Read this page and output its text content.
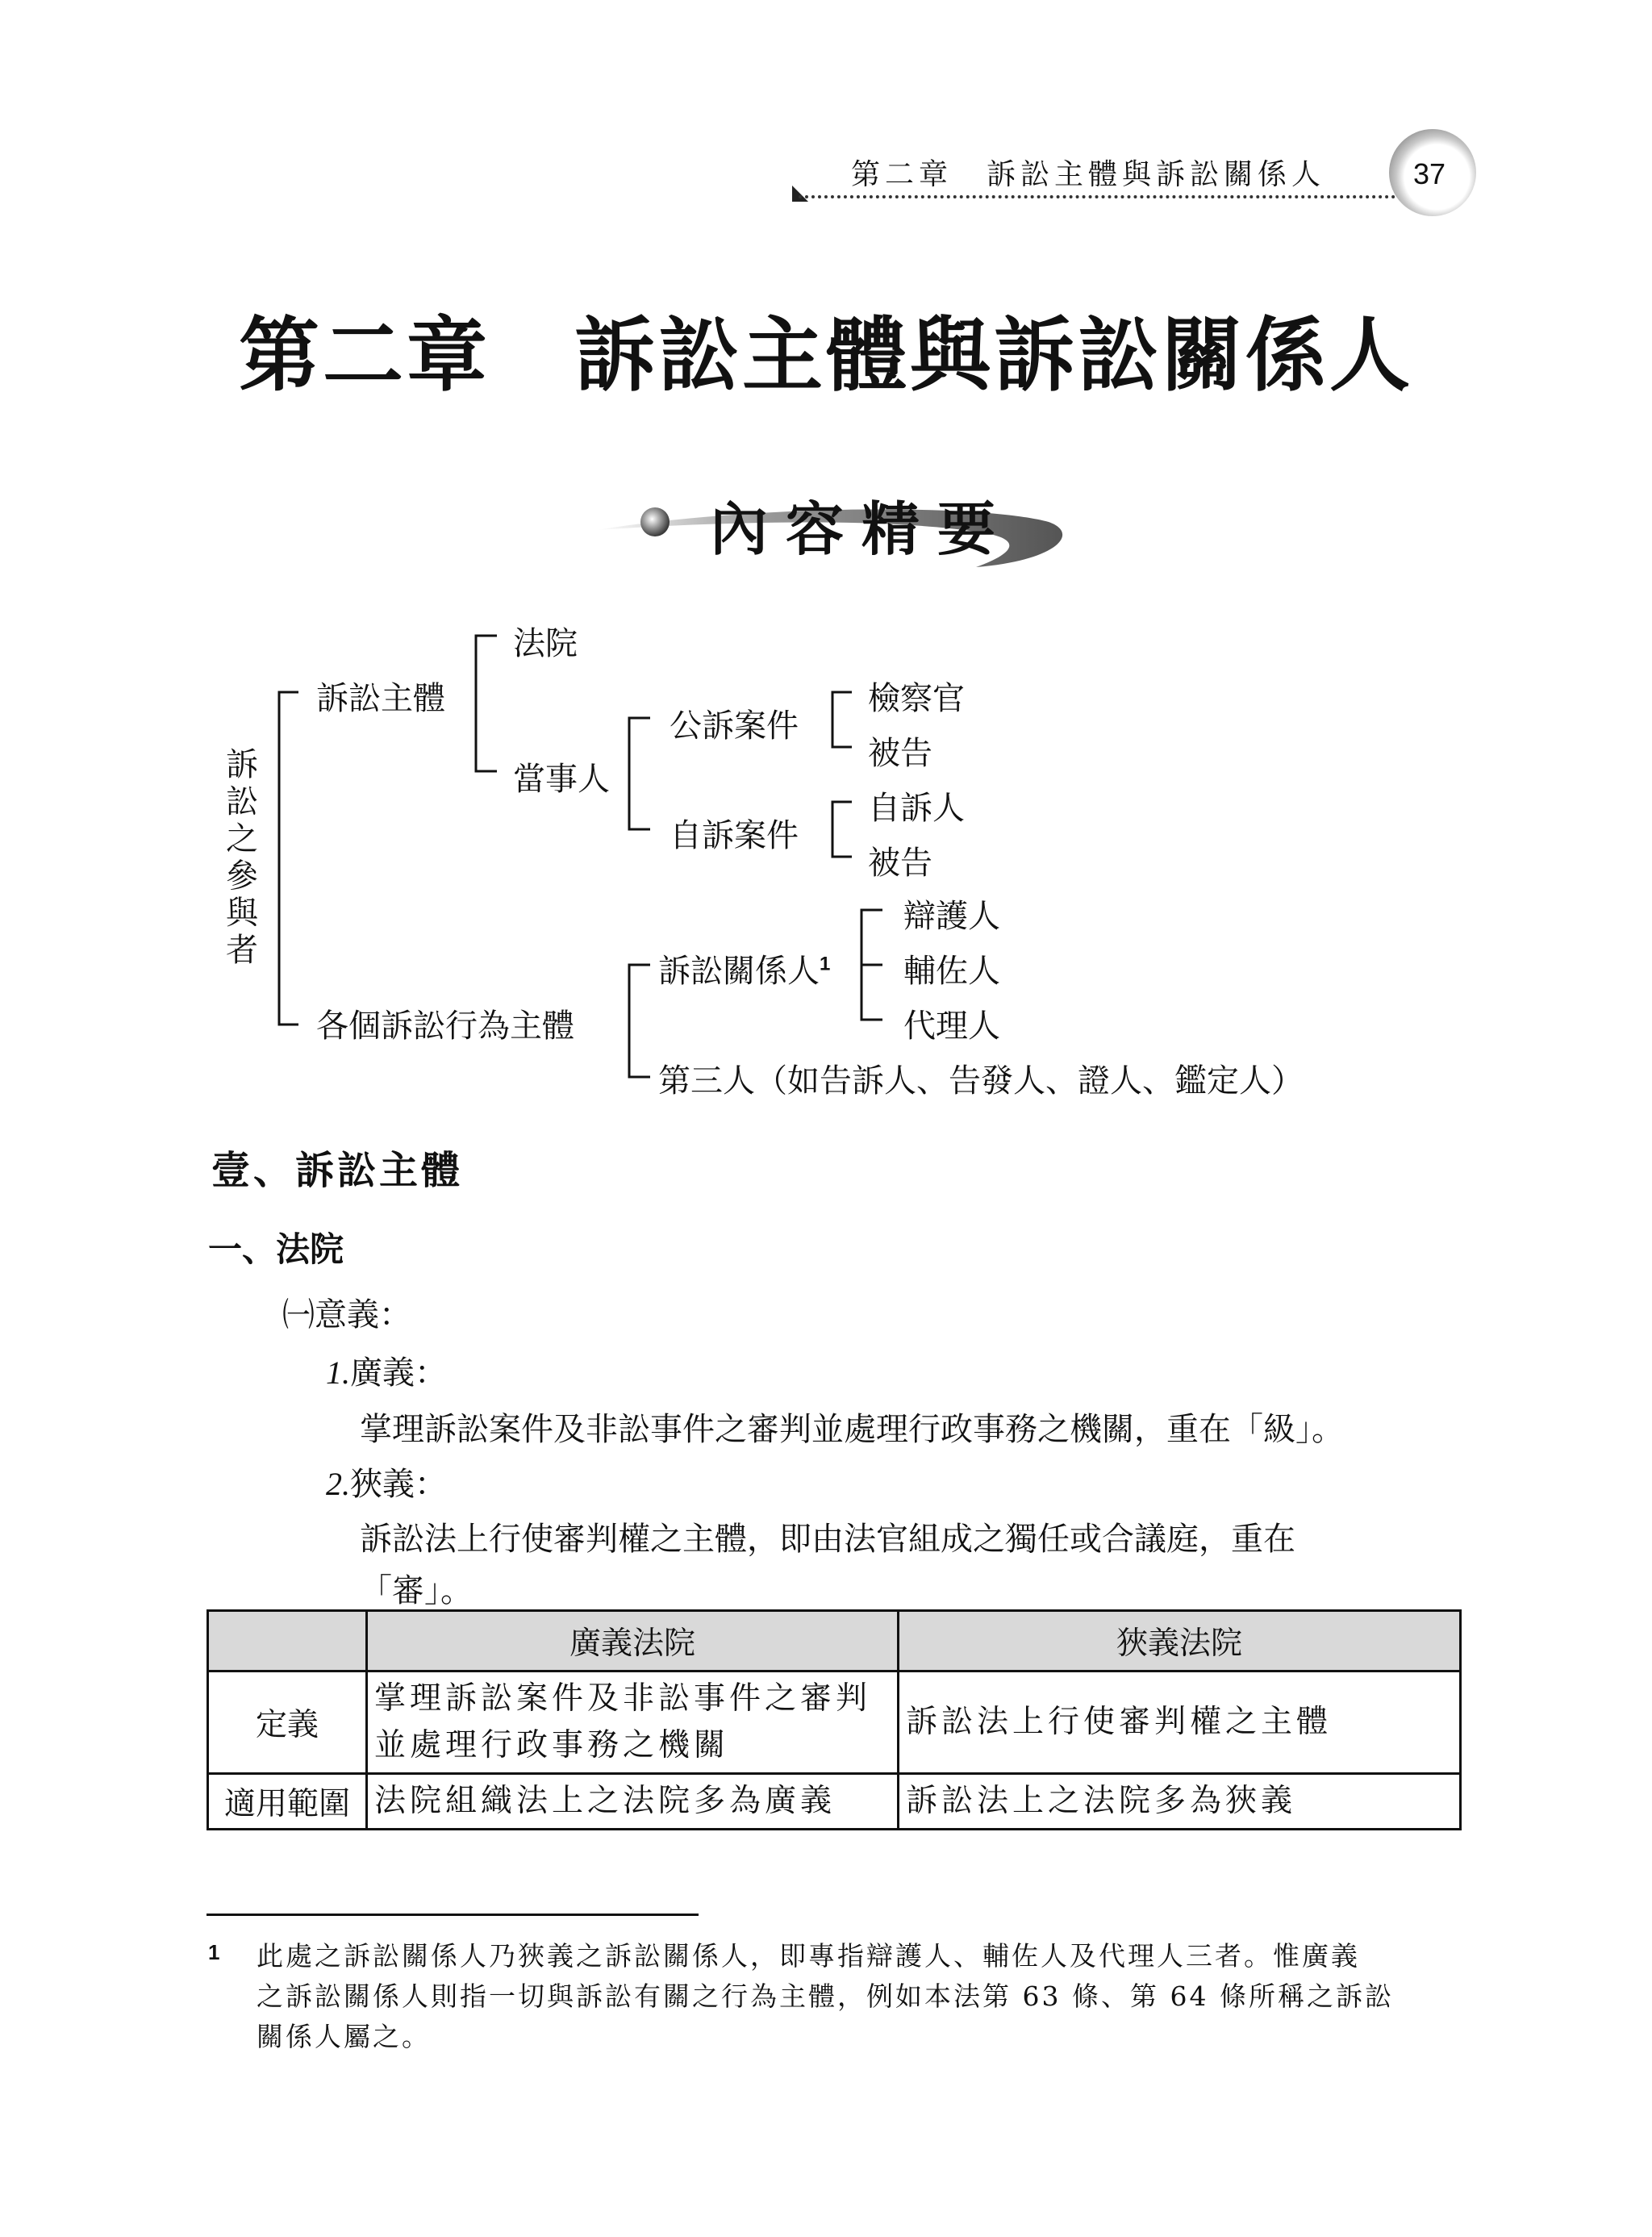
第二章　訴訟主體與訴訟關係人	37
第二章　訴訟主體與訴訟關係人
內容精要
訴
訟
之
參
與
者
訴訟主體
法院
當事人
公訴案件
檢察官
被告
自訴案件
自訴人
被告
各個訴訟行為主體
訴訟關係人$^1$
辯護人
輔佐人
代理人
第三人（如告訴人、告發人、證人、鑑定人）
壹、訴訟主體
一、法院
㈠意義：
1.廣義：
掌理訴訟案件及非訟事件之審判並處理行政事務之機關，重在「級」。
2.狹義：
訴訟法上行使審判權之主體，即由法官組成之獨任或合議庭，重在
「審」。
	廣義法院	狹義法院
定義	掌理訴訟案件及非訟事件之審判
並處理行政事務之機關	訴訟法上行使審判權之主體
適用範圍	法院組織法上之法院多為廣義	訴訟法上之法院多為狹義
1 此處之訴訟關係人乃狹義之訴訟關係人，即專指辯護人、輔佐人及代理人三者。惟廣義
之訴訟關係人則指一切與訴訟有關之行為主體，例如本法第 63 條、第 64 條所稱之訴訟
關係人屬之。
